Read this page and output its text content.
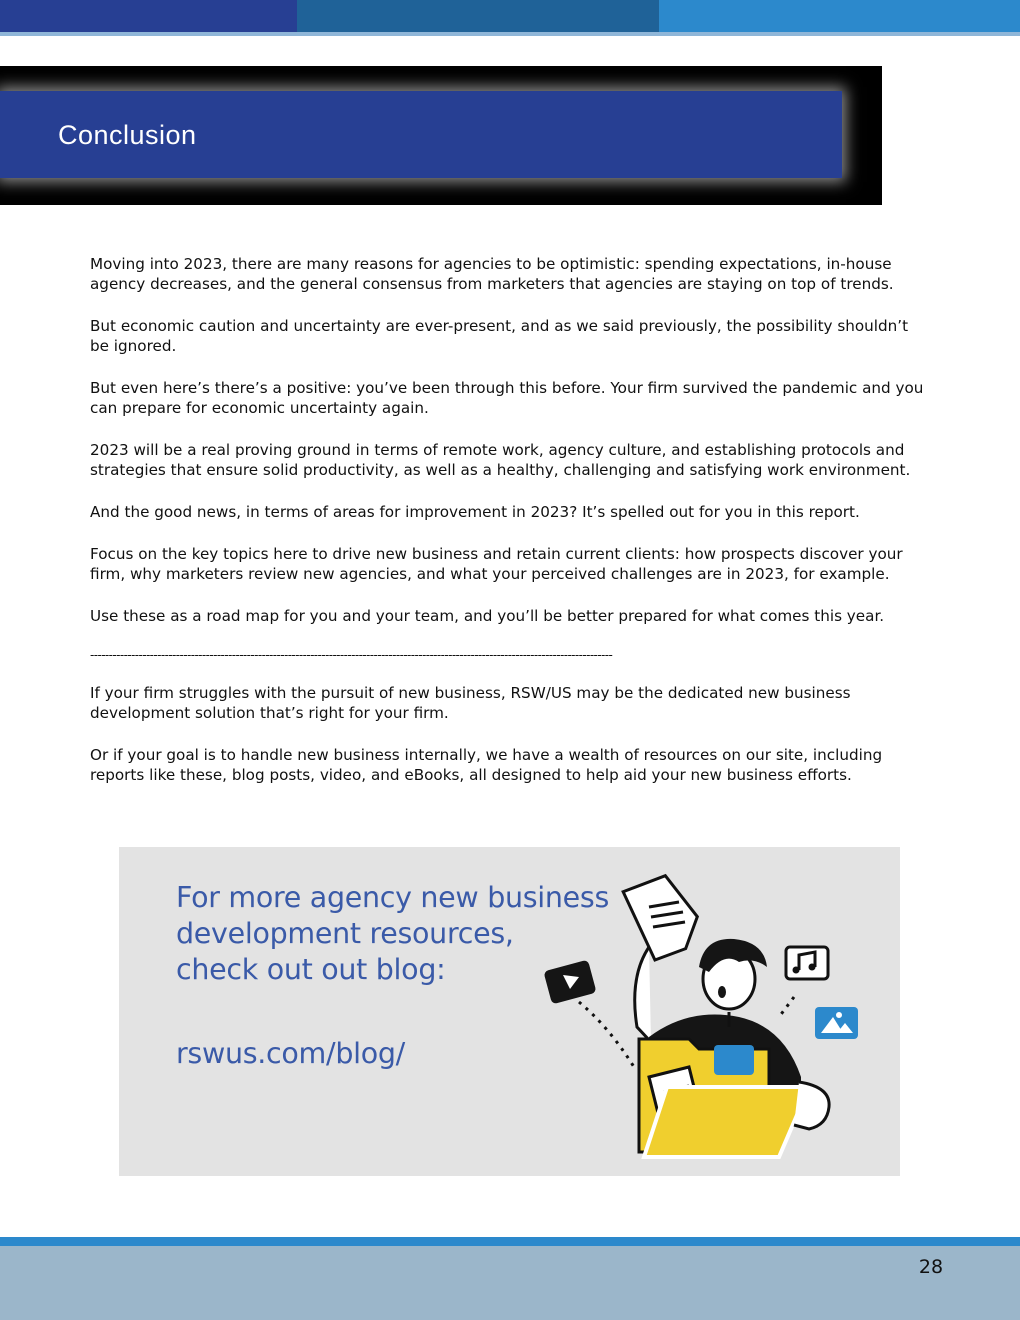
Conclusion

Moving into 2023, there are many reasons for agencies to be optimistic: spending expectations, in-house agency decreases, and the general consensus from marketers that agencies are staying on top of trends.

But economic caution and uncertainty are ever-present, and as we said previously, the possibility shouldn’t be ignored.

But even here’s there’s a positive: you’ve been through this before. Your firm survived the pandemic and you can prepare for economic uncertainty again.

2023 will be a real proving ground in terms of remote work, agency culture, and establishing protocols and strategies that ensure solid productivity, as well as a healthy, challenging and satisfying work environment.

And the good news, in terms of areas for improvement in 2023? It’s spelled out for you in this report.

Focus on the key topics here to drive new business and retain current clients: how prospects discover your firm, why marketers review new agencies, and what your perceived challenges are in 2023, for example.

Use these as a road map for you and your team, and you’ll be better prepared for what comes this year.

--------------------------------------------------------------------------------------------------------------------------------------------

If your firm struggles with the pursuit of new business, RSW/US may be the dedicated new business development solution that’s right for your firm.

Or if your goal is to handle new business internally, we have a wealth of resources on our site, including reports like these, blog posts, video, and eBooks, all designed to help aid your new business efforts.

For more agency new business
development resources,
check out out blog:
rswus.com/blog/
28
